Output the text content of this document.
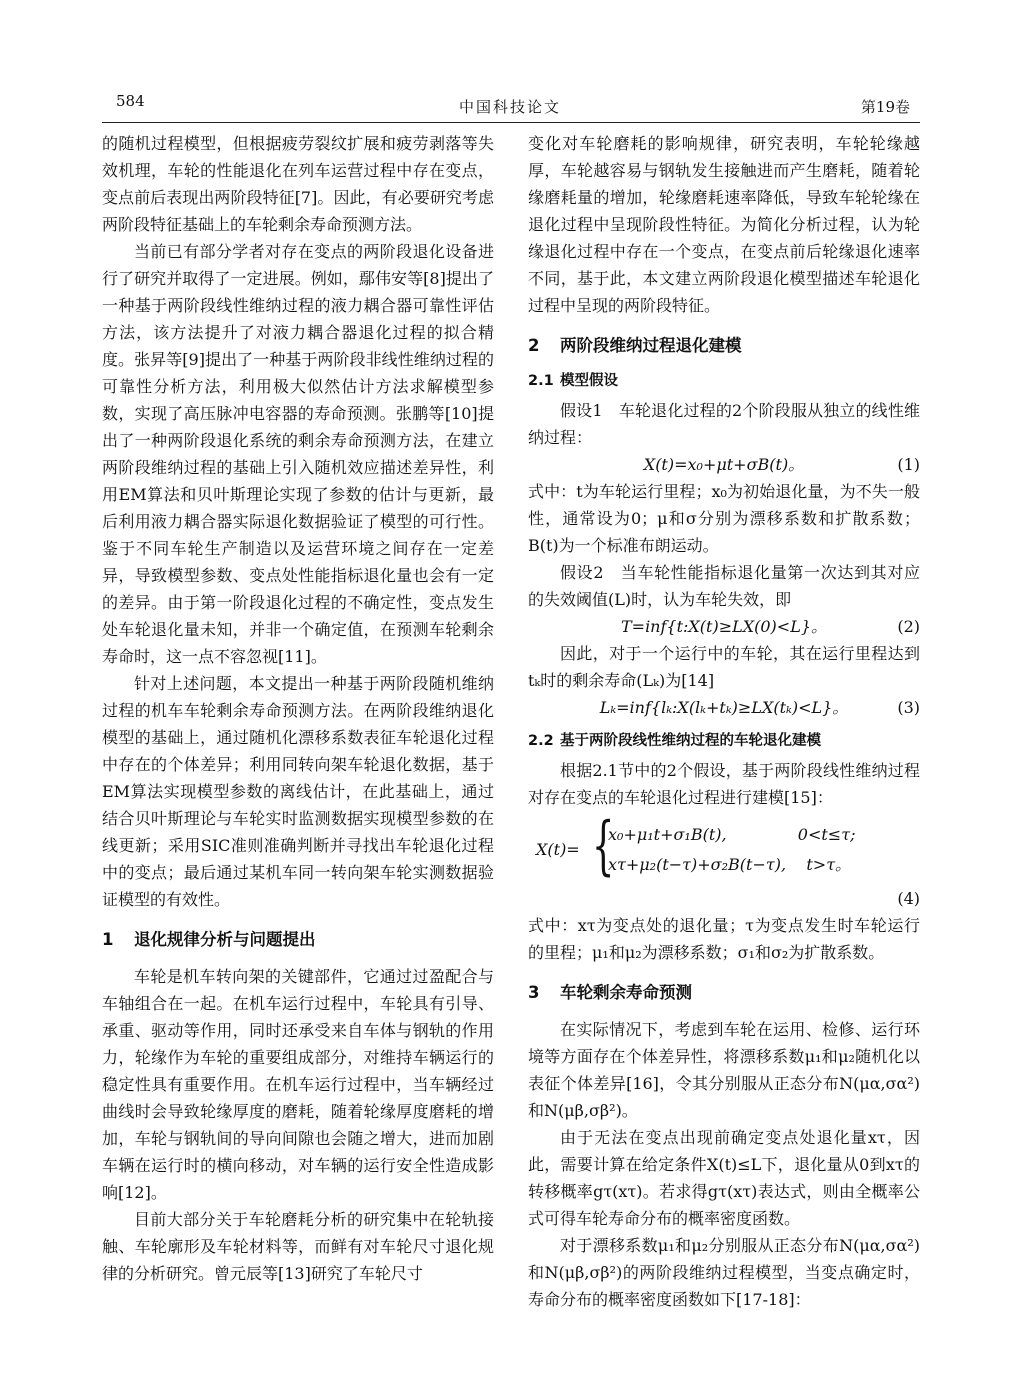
584	中国科技论文	第19卷

的随机过程模型，但根据疲劳裂纹扩展和疲劳剥落等失效机理，车轮的性能退化在列车运营过程中存在变点，变点前后表现出两阶段特征[7]。因此，有必要研究考虑两阶段特征基础上的车轮剩余寿命预测方法。

当前已有部分学者对存在变点的两阶段退化设备进行了研究并取得了一定进展。例如，鄢伟安等[8]提出了一种基于两阶段线性维纳过程的液力耦合器可靠性评估方法，该方法提升了对液力耦合器退化过程的拟合精度。张昇等[9]提出了一种基于两阶段非线性维纳过程的可靠性分析方法，利用极大似然估计方法求解模型参数，实现了高压脉冲电容器的寿命预测。张鹏等[10]提出了一种两阶段退化系统的剩余寿命预测方法，在建立两阶段维纳过程的基础上引入随机效应描述差异性，利用EM算法和贝叶斯理论实现了参数的估计与更新，最后利用液力耦合器实际退化数据验证了模型的可行性。鉴于不同车轮生产制造以及运营环境之间存在一定差异，导致模型参数、变点处性能指标退化量也会有一定的差异。由于第一阶段退化过程的不确定性，变点发生处车轮退化量未知，并非一个确定值，在预测车轮剩余寿命时，这一点不容忽视[11]。

针对上述问题，本文提出一种基于两阶段随机维纳过程的机车车轮剩余寿命预测方法。在两阶段维纳退化模型的基础上，通过随机化漂移系数表征车轮退化过程中存在的个体差异；利用同转向架车轮退化数据，基于EM算法实现模型参数的离线估计，在此基础上，通过结合贝叶斯理论与车轮实时监测数据实现模型参数的在线更新；采用SIC准则准确判断并寻找出车轮退化过程中的变点；最后通过某机车同一转向架车轮实测数据验证模型的有效性。

1 退化规律分析与问题提出

车轮是机车转向架的关键部件，它通过过盈配合与车轴组合在一起。在机车运行过程中，车轮具有引导、承重、驱动等作用，同时还承受来自车体与钢轨的作用力，轮缘作为车轮的重要组成部分，对维持车辆运行的稳定性具有重要作用。在机车运行过程中，当车辆经过曲线时会导致轮缘厚度的磨耗，随着轮缘厚度磨耗的增加，车轮与钢轨间的导向间隙也会随之增大，进而加剧车辆在运行时的横向移动，对车辆的运行安全性造成影响[12]。

目前大部分关于车轮磨耗分析的研究集中在轮轨接触、车轮廓形及车轮材料等，而鲜有对车轮尺寸退化规律的分析研究。曾元辰等[13]研究了车轮尺寸

变化对车轮磨耗的影响规律，研究表明，车轮轮缘越厚，车轮越容易与钢轨发生接触进而产生磨耗，随着轮缘磨耗量的增加，轮缘磨耗速率降低，导致车轮轮缘在退化过程中呈现阶段性特征。为简化分析过程，认为轮缘退化过程中存在一个变点，在变点前后轮缘退化速率不同，基于此，本文建立两阶段退化模型描述车轮退化过程中呈现的两阶段特征。

2 两阶段维纳过程退化建模
2.1 模型假设

假设1　车轮退化过程的2个阶段服从独立的线性维纳过程：

X(t)=x₀+μt+σB(t)。	(1)

式中：t为车轮运行里程；x₀为初始退化量，为不失一般性，通常设为0；μ和σ分别为漂移系数和扩散系数；B(t)为一个标准布朗运动。

假设2　当车轮性能指标退化量第一次达到其对应的失效阈值(L)时，认为车轮失效，即

T=inf{t:X(t)≥LX(0)<L}。	(2)

因此，对于一个运行中的车轮，其在运行里程达到tₖ时的剩余寿命(Lₖ)为[14]

Lₖ=inf{lₖ:X(lₖ+tₖ)≥LX(tₖ)<L}。	(3)
2.2 基于两阶段线性维纳过程的车轮退化建模

根据2.1节中的2个假设，基于两阶段线性维纳过程对存在变点的车轮退化过程进行建模[15]：

X(t)= {
x₀+μ₁t+σ₁B(t),              0<t≤τ;
xτ+μ₂(t−τ)+σ₂B(t−τ),    t>τ。
(4)

式中：xτ为变点处的退化量；τ为变点发生时车轮运行的里程；μ₁和μ₂为漂移系数；σ₁和σ₂为扩散系数。

3 车轮剩余寿命预测

在实际情况下，考虑到车轮在运用、检修、运行环境等方面存在个体差异性，将漂移系数μ₁和μ₂随机化以表征个体差异[16]，令其分别服从正态分布N(μα,σα²)和N(μβ,σβ²)。

由于无法在变点出现前确定变点处退化量xτ，因此，需要计算在给定条件X(t)≤L下，退化量从0到xτ的转移概率gτ(xτ)。若求得gτ(xτ)表达式，则由全概率公式可得车轮寿命分布的概率密度函数。

对于漂移系数μ₁和μ₂分别服从正态分布N(μα,σα²)和N(μβ,σβ²)的两阶段维纳过程模型，当变点确定时，寿命分布的概率密度函数如下[17-18]：
